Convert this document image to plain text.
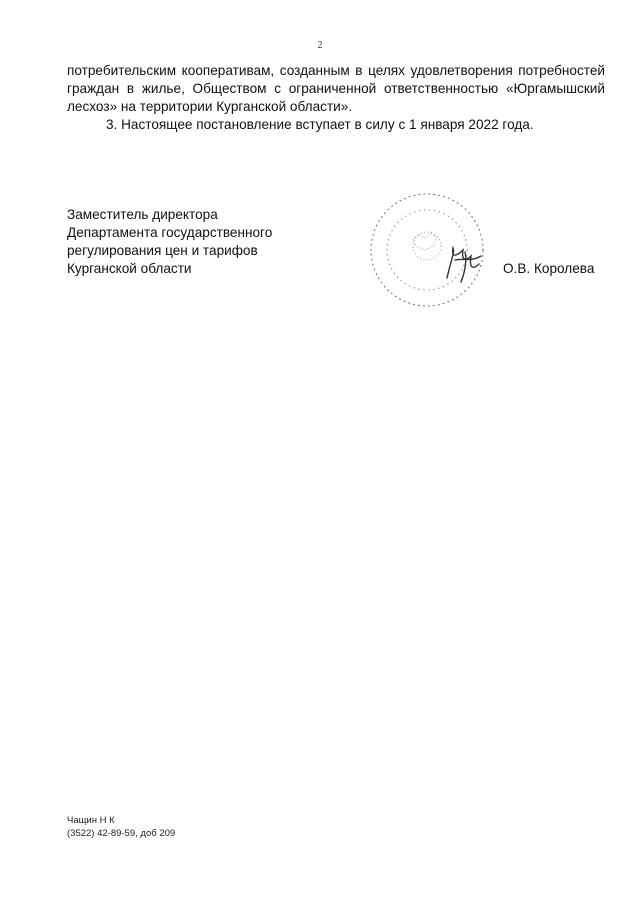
2

потребительским кооперативам, созданным в целях удовлетворения потребностей граждан в жилье, Обществом с ограниченной ответственностью «Юргамышский лесхоз» на территории Курганской области».

3. Настоящее постановление вступает в силу с 1 января 2022 года.

Заместитель директора
Департамента государственного
регулирования цен и тарифов
Курганской области	О.В. Королева
Чащин Н К
(3522) 42-89-59, доб 209
